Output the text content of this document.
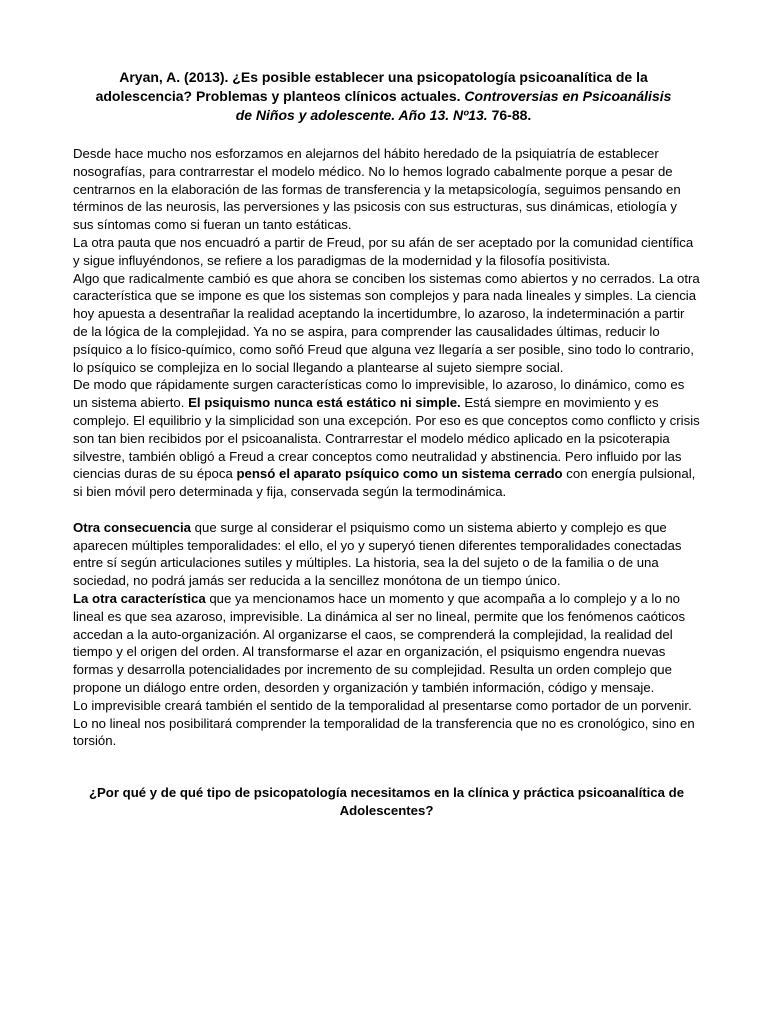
Aryan, A. (2013). ¿Es posible establecer una psicopatología psicoanalítica de la adolescencia? Problemas y planteos clínicos actuales. Controversias en Psicoanálisis de Niños y adolescente. Año 13. Nº13. 76-88.

Desde hace mucho nos esforzamos en alejarnos del hábito heredado de la psiquiatría de establecer nosografías, para contrarrestar el modelo médico. No lo hemos logrado cabalmente porque a pesar de centrarnos en la elaboración de las formas de transferencia y la metapsicología, seguimos pensando en términos de las neurosis, las perversiones y las psicosis con sus estructuras, sus dinámicas, etiología y sus síntomas como si fueran un tanto estáticas.

La otra pauta que nos encuadró a partir de Freud, por su afán de ser aceptado por la comunidad científica y sigue influyéndonos, se refiere a los paradigmas de la modernidad y la filosofía positivista.

Algo que radicalmente cambió es que ahora se conciben los sistemas como abiertos y no cerrados. La otra característica que se impone es que los sistemas son complejos y para nada lineales y simples. La ciencia hoy apuesta a desentrañar la realidad aceptando la incertidumbre, lo azaroso, la indeterminación a partir de la lógica de la complejidad. Ya no se aspira, para comprender las causalidades últimas, reducir lo psíquico a lo físico-químico, como soñó Freud que alguna vez llegaría a ser posible, sino todo lo contrario, lo psíquico se complejiza en lo social llegando a plantearse al sujeto siempre social.

De modo que rápidamente surgen características como lo imprevisible, lo azaroso, lo dinámico, como es un sistema abierto. El psiquismo nunca está estático ni simple. Está siempre en movimiento y es complejo. El equilibrio y la simplicidad son una excepción. Por eso es que conceptos como conflicto y crisis son tan bien recibidos por el psicoanalista. Contrarrestar el modelo médico aplicado en la psicoterapia silvestre, también obligó a Freud a crear conceptos como neutralidad y abstinencia. Pero influido por las ciencias duras de su época pensó el aparato psíquico como un sistema cerrado con energía pulsional, si bien móvil pero determinada y fija, conservada según la termodinámica.

Otra consecuencia que surge al considerar el psiquismo como un sistema abierto y complejo es que aparecen múltiples temporalidades: el ello, el yo y superyó tienen diferentes temporalidades conectadas entre sí según articulaciones sutiles y múltiples. La historia, sea la del sujeto o de la familia o de una sociedad, no podrá jamás ser reducida a la sencillez monótona de un tiempo único.

La otra característica que ya mencionamos hace un momento y que acompaña a lo complejo y a lo no lineal es que sea azaroso, imprevisible. La dinámica al ser no lineal, permite que los fenómenos caóticos accedan a la auto-organización. Al organizarse el caos, se comprenderá la complejidad, la realidad del tiempo y el origen del orden. Al transformarse el azar en organización, el psiquismo engendra nuevas formas y desarrolla potencialidades por incremento de su complejidad. Resulta un orden complejo que propone un diálogo entre orden, desorden y organización y también información, código y mensaje.

Lo imprevisible creará también el sentido de la temporalidad al presentarse como portador de un porvenir. Lo no lineal nos posibilitará comprender la temporalidad de la transferencia que no es cronológico, sino en torsión.

¿Por qué y de qué tipo de psicopatología necesitamos en la clínica y práctica psicoanalítica de Adolescentes?
